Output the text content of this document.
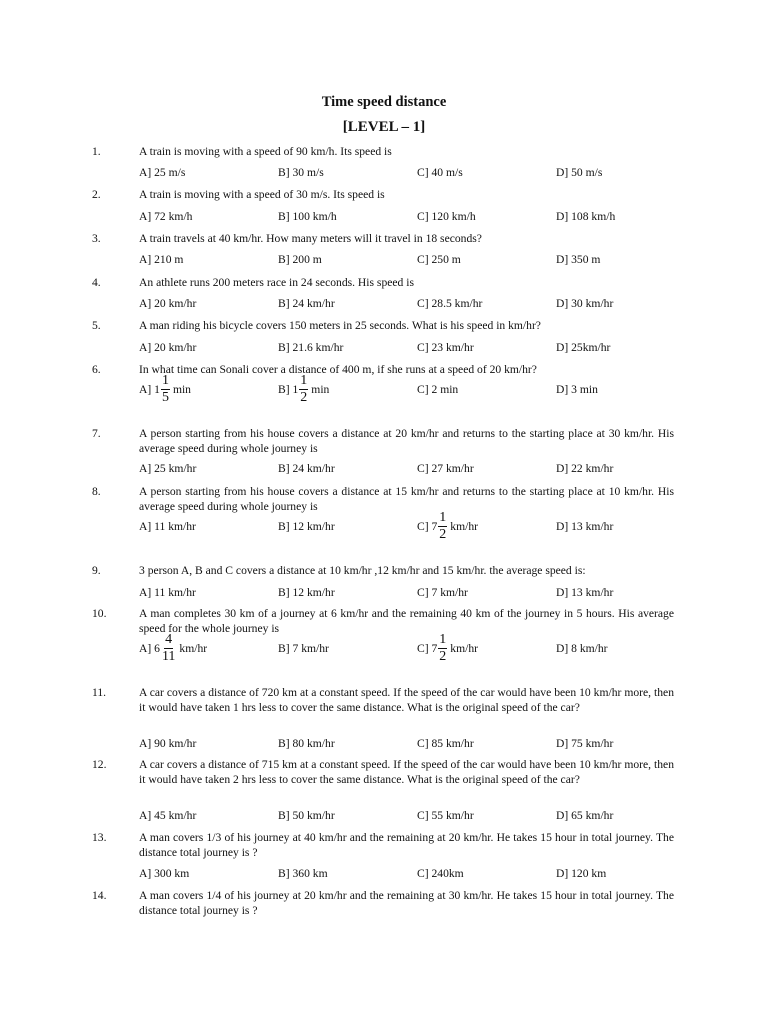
Time speed distance
[LEVEL – 1]
1.	A train is moving with a speed of 90 km/h. Its speed is
A] 25 m/s	B] 30 m/s	C] 40 m/s	D] 50 m/s
2.	A train is moving with a speed of 30 m/s. Its speed is
A] 72 km/h	B] 100 km/h	C] 120 km/h	D] 108 km/h
3.	A train travels at 40 km/hr. How many meters will it travel in 18 seconds?
A] 210 m	B] 200 m	C] 250 m	D] 350 m
4.	An athlete runs 200 meters race in 24 seconds. His speed is
A] 20 km/hr	B] 24 km/hr	C] 28.5 km/hr	D] 30 km/hr
5.	A man riding his bicycle covers 150 meters in 25 seconds. What is his speed in km/hr?
A] 20 km/hr	B] 21.6 km/hr	C] 23 km/hr	D] 25km/hr
6.	In what time can Sonali cover a distance of 400 m, if she runs at a speed of 20 km/hr?
A] $1 \frac{1}{5}$ min	B] $1 \frac{1}{2}$ min	C] 2 min	D] 3 min
7.	A person starting from his house covers a distance at 20 km/hr and returns to the starting place at 30 km/hr. His average speed during whole journey is
A] 25 km/hr	B] 24 km/hr	C] 27 km/hr	D] 22 km/hr
8.	A person starting from his house covers a distance at 15 km/hr and returns to the starting place at 10 km/hr. His average speed during whole journey is
A] 11 km/hr	B] 12 km/hr	C] $7 \frac{1}{2} km/hr$	D] 13 km/hr
9.	3 person A, B and C covers a distance at 10 km/hr ,12 km/hr and 15 km/hr. the average speed is:
A] 11 km/hr	B] 12 km/hr	C] 7 km/hr	D] 13 km/hr
10.	A man completes 30 km of a journey at 6 km/hr and the remaining 40 km of the journey in 5 hours. His average speed for the whole journey is
A] $6 \frac{4}{11} km/hr$	B] 7 km/hr	C] $7 \frac{1}{2} km/hr$	D] 8 km/hr
11.	A car covers a distance of 720 km at a constant speed. If the speed of the car would have been 10 km/hr more, then it would have taken 1 hrs less to cover the same distance. What is the original speed of the car?
A] 90 km/hr	B] 80 km/hr	C] 85 km/hr	D] 75 km/hr
12.	A car covers a distance of 715 km at a constant speed. If the speed of the car would have been 10 km/hr more, then it would have taken 2 hrs less to cover the same distance. What is the original speed of the car?
A] 45 km/hr	B] 50 km/hr	C] 55 km/hr	D] 65 km/hr
13.	A man covers 1/3 of his journey at 40 km/hr and the remaining at 20 km/hr. He takes 15 hour in total journey. The distance total journey is ?
A] 300 km	B] 360 km	C] 240km	D] 120 km
14.	A man covers 1/4 of his journey at 20 km/hr and the remaining at 30 km/hr. He takes 15 hour in total journey. The distance total journey is ?
